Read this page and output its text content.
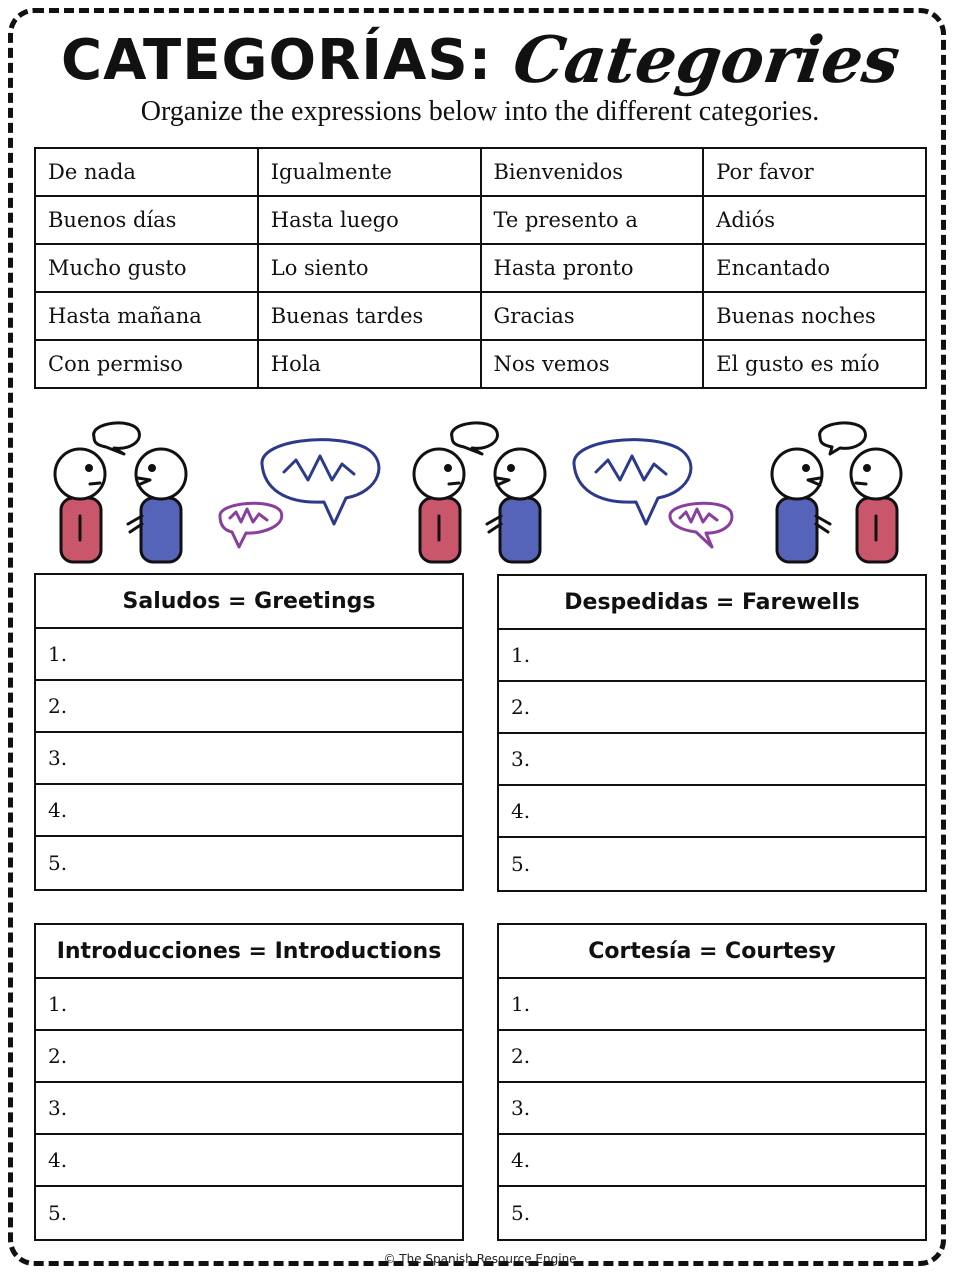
CATEGORÍAS: Categories
Organize the expressions below into the different categories.
De nada	Igualmente	Bienvenidos	Por favor
Buenos días	Hasta luego	Te presento a	Adiós
Mucho gusto	Lo siento	Hasta pronto	Encantado
Hasta mañana	Buenas tardes	Gracias	Buenas noches
Con permiso	Hola	Nos vemos	El gusto es mío
Saludos = Greetings
1.
2.
3.
4.
5.
Despedidas = Farewells
1.
2.
3.
4.
5.
Introducciones = Introductions
1.
2.
3.
4.
5.
Cortesía = Courtesy
1.
2.
3.
4.
5.
© The Spanish Resource Engine
